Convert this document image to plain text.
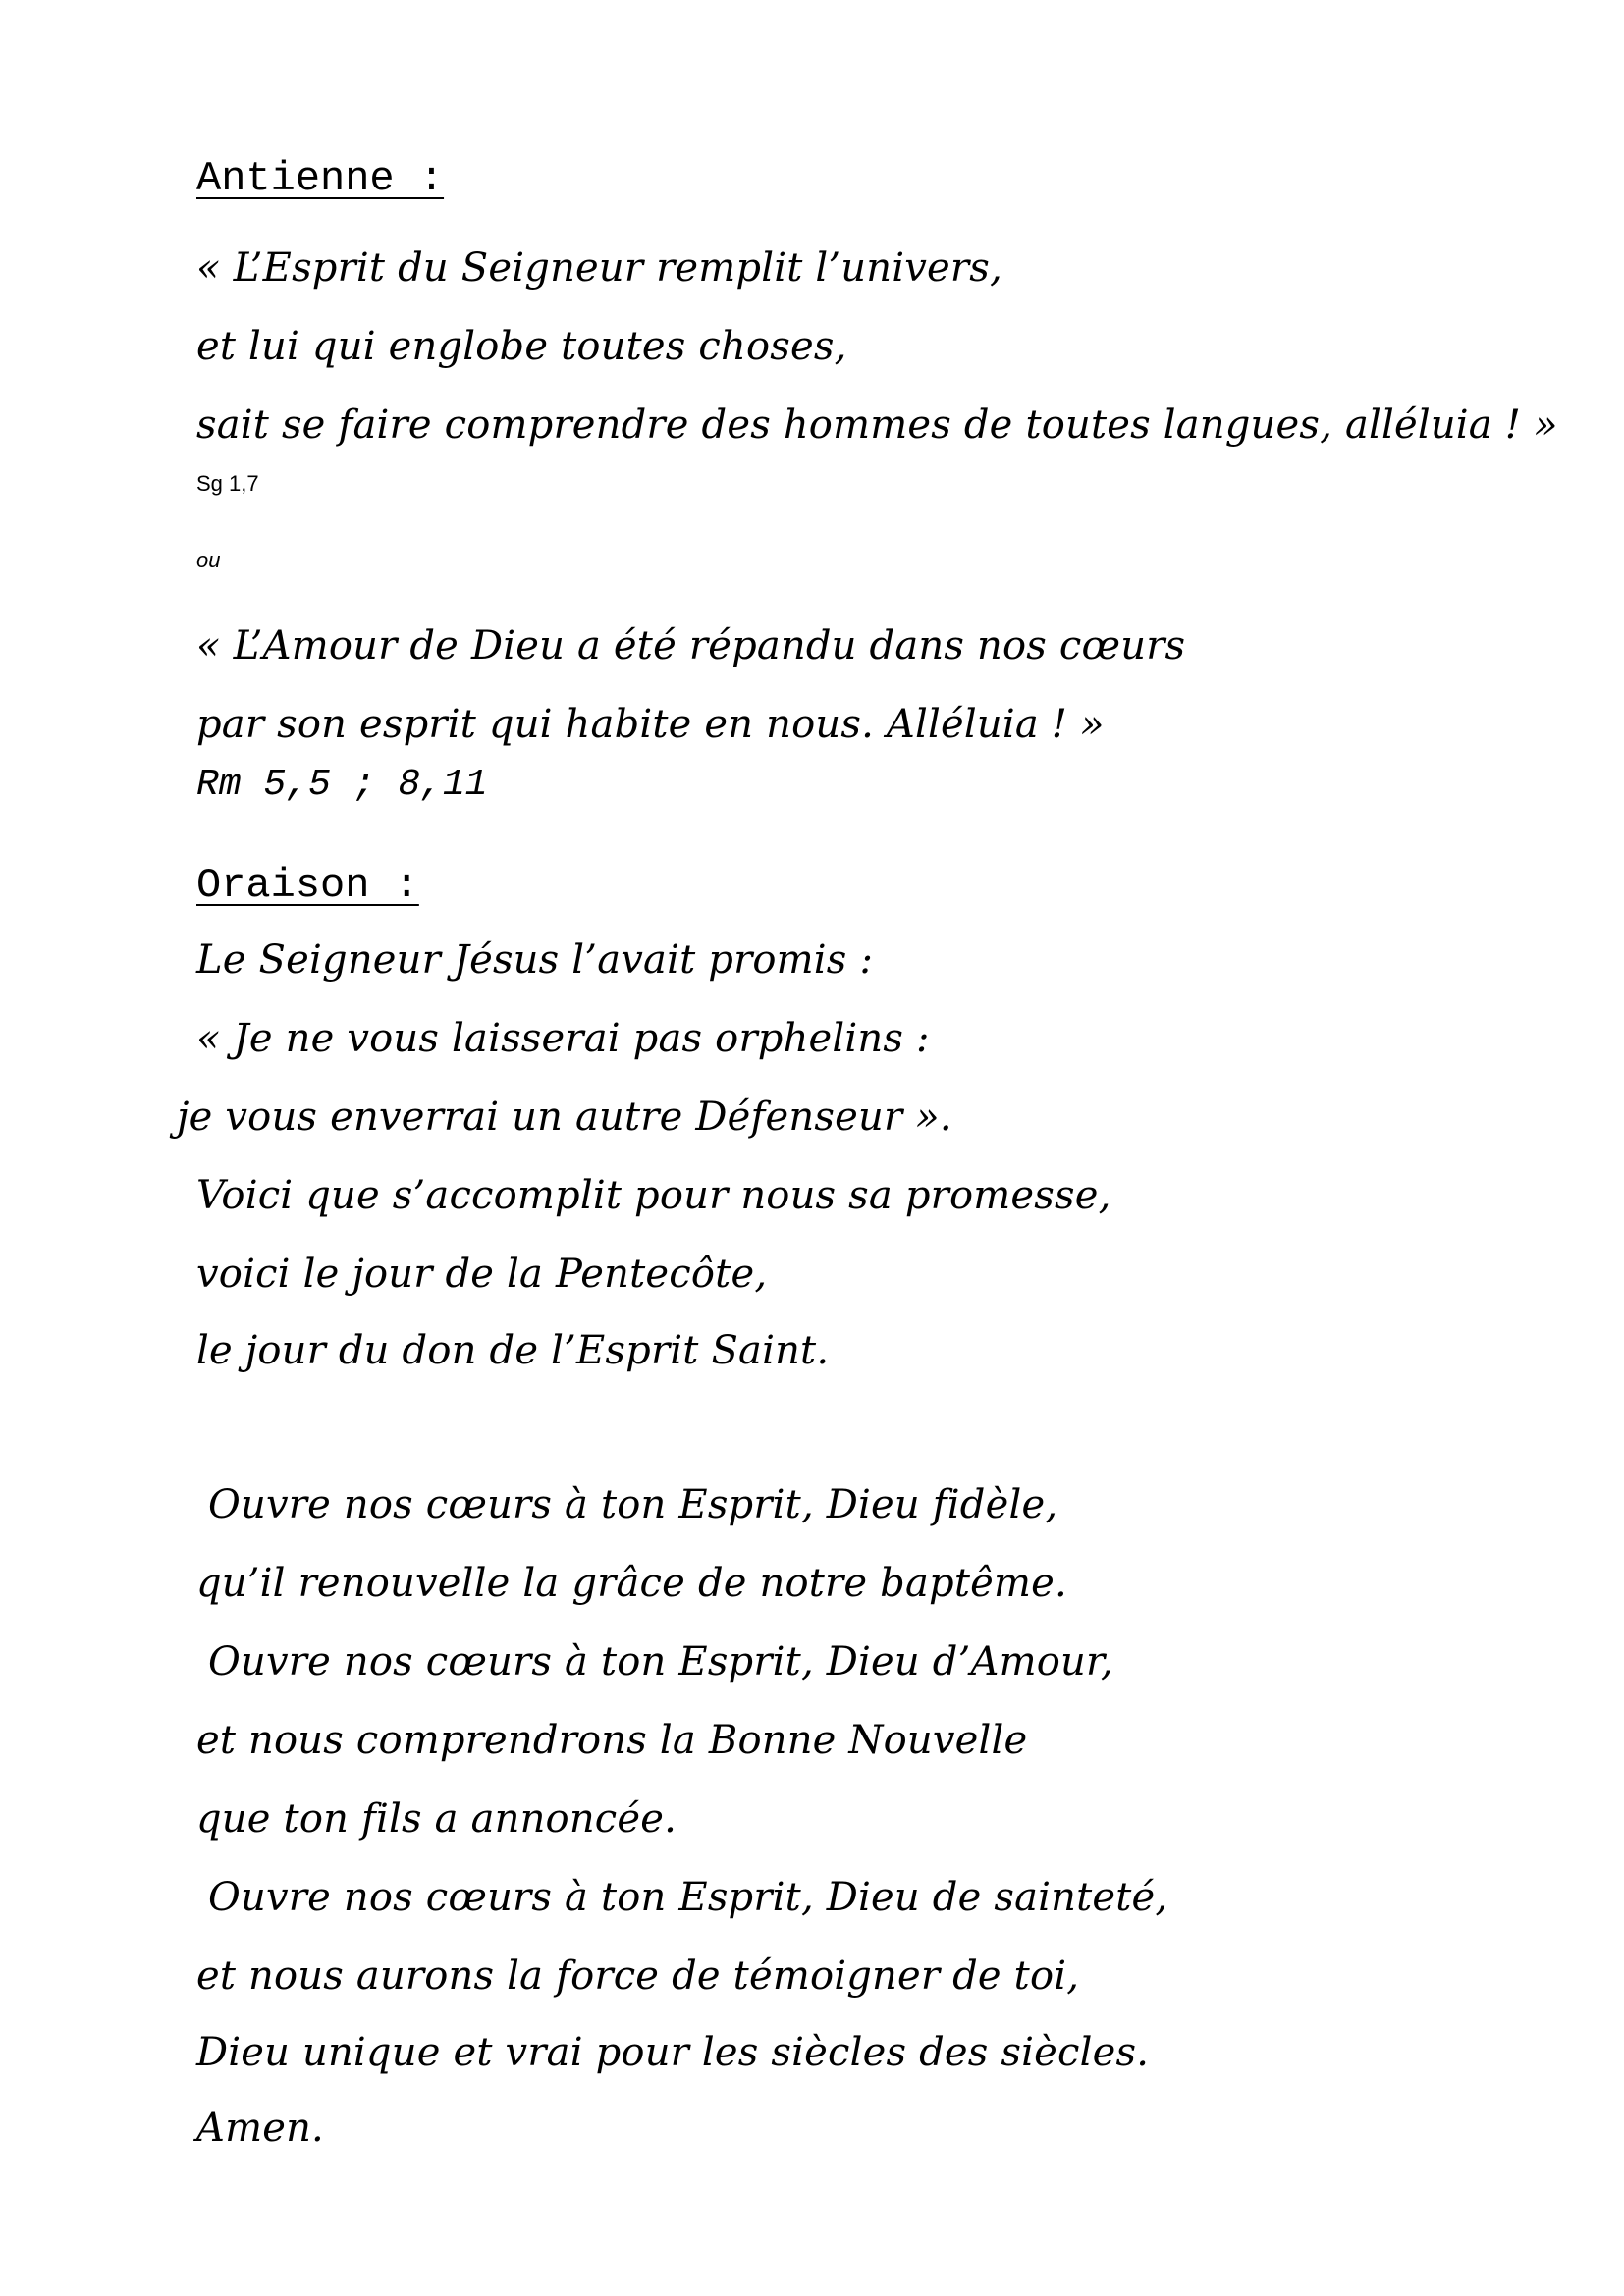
Antienne :

« L’Esprit du Seigneur remplit l’univers,

et lui qui englobe toutes choses,

sait se faire comprendre des hommes de toutes langues, alléluia ! »

Sg 1,7

ou

« L’Amour de Dieu a été répandu dans nos cœurs

par son esprit qui habite en nous. Alléluia ! »

Rm 5,5 ; 8,11

Oraison :

Le Seigneur Jésus l’avait promis :

« Je ne vous laisserai pas orphelins :

je vous enverrai un autre Défenseur ».

Voici que s’accomplit pour nous sa promesse,

voici le jour de la Pentecôte,

le jour du don de l’Esprit Saint.

Ouvre nos cœurs à ton Esprit, Dieu fidèle,

qu’il renouvelle la grâce de notre baptême.

Ouvre nos cœurs à ton Esprit, Dieu d’Amour,

et nous comprendrons la Bonne Nouvelle

que ton fils a annoncée.

Ouvre nos cœurs à ton Esprit, Dieu de sainteté,

et nous aurons la force de témoigner de toi,

Dieu unique et vrai pour les siècles des siècles.

Amen.
